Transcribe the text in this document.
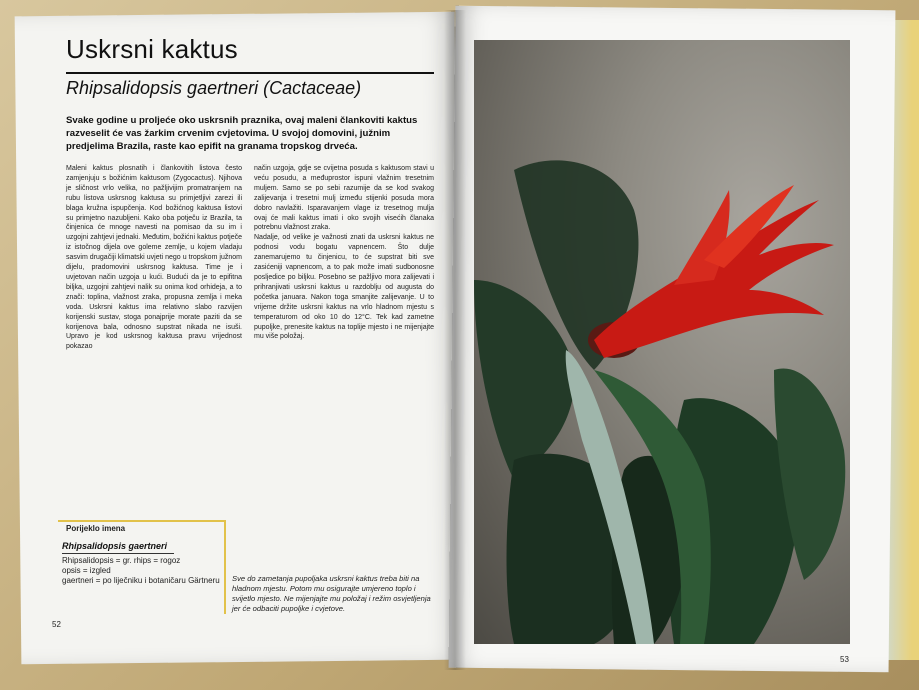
Uskrsni kaktus
Rhipsalidopsis gaertneri (Cactaceae)
Svake godine u proljeće oko uskrsnih praznika, ovaj maleni člankoviti kaktus razveselit će vas žarkim crvenim cvjetovima. U svojoj domovini, južnim predjelima Brazila, raste kao epifit na granama tropskog drveća.

Maleni kaktus plosnatih i člankovitih listova često zamjenjuju s božićnim kaktusom (Zygocactus). Njihova je sličnost vrlo velika, no pažljivijim promatranjem na rubu listova uskrsnog kaktusa su primjetljivi zarezi ili blaga kružna ispupčenja. Kod božićnog kaktusa listovi su primjetno nazubljeni. Kako oba potječu iz Brazila, ta činjenica će mnoge navesti na pomisao da su im i uzgojni zahtjevi jednaki. Međutim, božićni kaktus potječe iz istočnog dijela ove goleme zemlje, u kojem vladaju sasvim drugačiji klimatski uvjeti nego u tropskom južnom dijelu, pradomovini uskrsnog kaktusa. Time je i uvjetovan način uzgoja u kući. Budući da je to epifitna biljka, uzgojni zahtjevi nalik su onima kod orhideja, a to znači: toplina, vlažnost zraka, propusna zemlja i meka voda. Uskrsni kaktus ima relativno slabo razvijen korijenski sustav, stoga ponajprije morate paziti da se korijenova bala, odnosno supstrat nikada ne isuši. Upravo je kod uskrsnog kaktusa pravu vrijednost pokazao

način uzgoja, gdje se cvijetna posuda s kaktusom stavi u veću posudu, a međuprostor ispuni vlažnim tresetnim mulјem. Samo se po sebi razumije da se kod svakog zalijevanja i tresetni mulj između stijenki posuda mora dobro navlažiti. Isparavanjem vlage iz tresetnog mulja ovaj će mali kaktus imati i oko svojih visećih članaka potrebnu vlažnost zraka.

Nadalje, od velike je važnosti znati da uskrsni kaktus ne podnosi vodu bogatu vapnencem. Što dulje zanemarujemo tu činjenicu, to će supstrat biti sve zasićeniji vapnencom, a to pak može imati sudbonosne posljedice po biljku. Posebno se pažljivo mora zalijevati i prihranjivati uskrsni kaktus u razdoblju od augusta do početka januara. Nakon toga smanjite zalijevanje. U to vrijeme držite uskrsni kaktus na vrlo hladnom mjestu s temperaturom od oko 10 do 12°C. Tek kad zametne pupoljke, prenesite kaktus na toplije mjesto i ne mijenjajte mu više položaj.

Porijeklo imena
Rhipsalidopsis gaertneri
Rhipsalidopsis = gr. rhips = rogoz
opsis = izgled
gaertneri = po liječniku i botaničaru Gärtneru Sve do zametanja pupoljaka uskrsni kaktus treba biti na hladnom mjestu. Potom mu osigurajte umjereno toplo i svijetlo mjesto. Ne mijenjajte mu položaj i režim osvjetljenja jer će odbaciti pupoljke i cvjetove.
52
53
